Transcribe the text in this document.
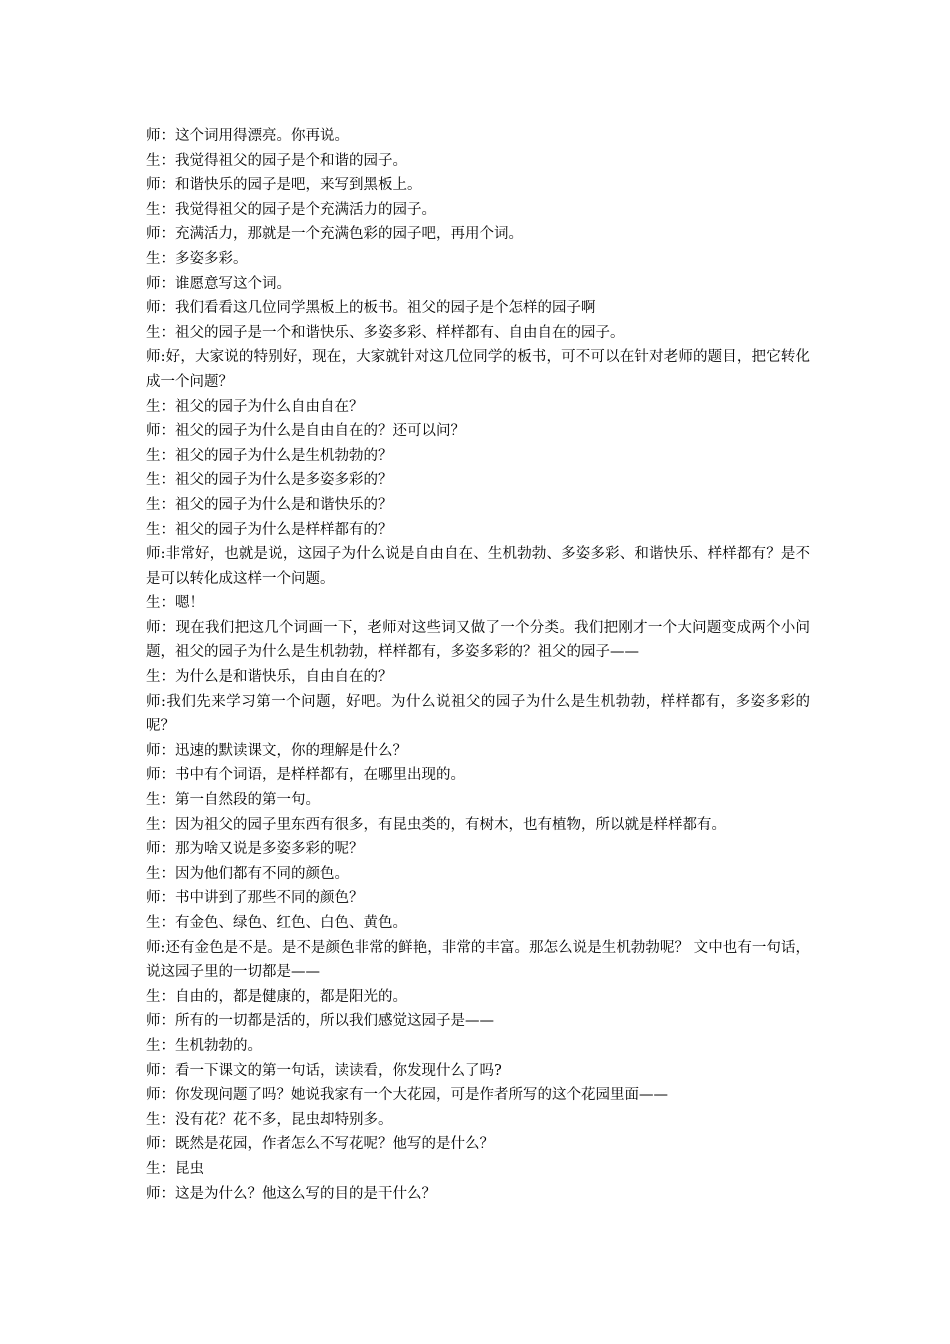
师：这个词用得漂亮。你再说。

生：我觉得祖父的园子是个和谐的园子。

师：和谐快乐的园子是吧，来写到黑板上。

生：我觉得祖父的园子是个充满活力的园子。

师：充满活力，那就是一个充满色彩的园子吧，再用个词。

生：多姿多彩。

师：谁愿意写这个词。

师：我们看看这几位同学黑板上的板书。祖父的园子是个怎样的园子啊

生：祖父的园子是一个和谐快乐、多姿多彩、样样都有、自由自在的园子。

师:好，大家说的特别好，现在，大家就针对这几位同学的板书，可不可以在针对老师的题目，把它转化成一个问题？

生：祖父的园子为什么自由自在？

师：祖父的园子为什么是自由自在的？还可以问？

生：祖父的园子为什么是生机勃勃的？

生：祖父的园子为什么是多姿多彩的？

生：祖父的园子为什么是和谐快乐的？

生：祖父的园子为什么是样样都有的？

师:非常好，也就是说，这园子为什么说是自由自在、生机勃勃、多姿多彩、和谐快乐、样样都有？是不是可以转化成这样一个问题。

生：嗯！

师：现在我们把这几个词画一下，老师对这些词又做了一个分类。我们把刚才一个大问题变成两个小问题，祖父的园子为什么是生机勃勃，样样都有，多姿多彩的？祖父的园子——

生：为什么是和谐快乐，自由自在的？

师:我们先来学习第一个问题，好吧。为什么说祖父的园子为什么是生机勃勃，样样都有，多姿多彩的呢？

师：迅速的默读课文，你的理解是什么？

师：书中有个词语，是样样都有，在哪里出现的。

生：第一自然段的第一句。

生：因为祖父的园子里东西有很多，有昆虫类的，有树木，也有植物，所以就是样样都有。

师：那为啥又说是多姿多彩的呢？

生：因为他们都有不同的颜色。

师：书中讲到了那些不同的颜色？

生：有金色、绿色、红色、白色、黄色。

师:还有金色是不是。是不是颜色非常的鲜艳，非常的丰富。那怎么说是生机勃勃呢？ 文中也有一句话，说这园子里的一切都是——

生：自由的，都是健康的，都是阳光的。

师：所有的一切都是活的，所以我们感觉这园子是——

生：生机勃勃的。

师：看一下课文的第一句话，读读看，你发现什么了吗?

师：你发现问题了吗？她说我家有一个大花园，可是作者所写的这个花园里面——

生：没有花？花不多，昆虫却特别多。

师：既然是花园，作者怎么不写花呢？他写的是什么？

生：昆虫

师：这是为什么？他这么写的目的是干什么？
